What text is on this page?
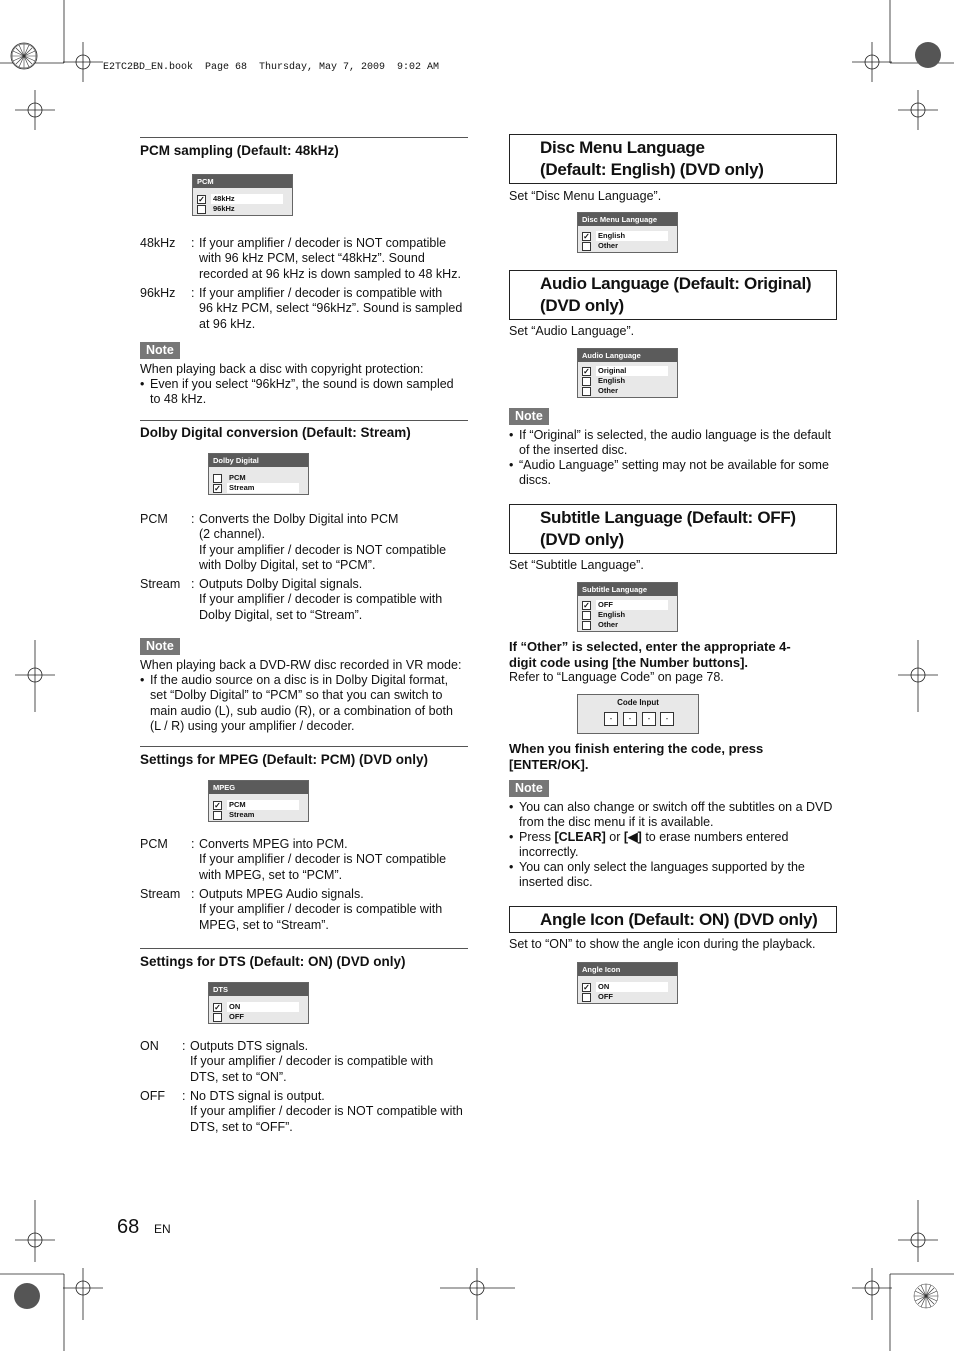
E2TC2BD_EN.book  Page 68  Thursday, May 7, 2009  9:02 AM
PCM sampling (Default: 48kHz)
PCM
✓ 48kHz
96kHz
48kHz : If your amplifier / decoder is NOT compatible
with 96 kHz PCM, select “48kHz”. Sound
recorded at 96 kHz is down sampled to 48 kHz.
96kHz : If your amplifier / decoder is compatible with
96 kHz PCM, select “96kHz”. Sound is sampled
at 96 kHz.
Note
When playing back a disc with copyright protection:
• Even if you select “96kHz”, the sound is down sampled
to 48 kHz.
Dolby Digital conversion (Default: Stream)
Dolby Digital
PCM
✓ Stream
PCM : Converts the Dolby Digital into PCM
(2 channel).
If your amplifier / decoder is NOT compatible
with Dolby Digital, set to “PCM”.
Stream : Outputs Dolby Digital signals.
If your amplifier / decoder is compatible with
Dolby Digital, set to “Stream”.
Note
When playing back a DVD-RW disc recorded in VR mode:
• If the audio source on a disc is in Dolby Digital format,
set “Dolby Digital” to “PCM” so that you can switch to
main audio (L), sub audio (R), or a combination of both
(L / R) using your amplifier / decoder.
Settings for MPEG (Default: PCM) (DVD only)
MPEG
✓ PCM
Stream
PCM : Converts MPEG into PCM.
If your amplifier / decoder is NOT compatible
with MPEG, set to “PCM”.
Stream : Outputs MPEG Audio signals.
If your amplifier / decoder is compatible with
MPEG, set to “Stream”.
Settings for DTS (Default: ON) (DVD only)
DTS
✓ ON
OFF
ON : Outputs DTS signals.
If your amplifier / decoder is compatible with
DTS, set to “ON”.
OFF : No DTS signal is output.
If your amplifier / decoder is NOT compatible with
DTS, set to “OFF”.
Disc Menu Language
(Default: English) (DVD only)
Set “Disc Menu Language”.
Disc Menu Language
✓ English
Other
Audio Language (Default: Original)
(DVD only)
Set “Audio Language”.
Audio Language
✓ Original
English
Other
Note
• If “Original” is selected, the audio language is the default
of the inserted disc.
• “Audio Language” setting may not be available for some
discs.
Subtitle Language (Default: OFF)
(DVD only)
Set “Subtitle Language”.
Subtitle Language
✓ OFF
English
Other
If “Other” is selected, enter the appropriate 4-
digit code using [the Number buttons].
Refer to “Language Code” on page 78.
Code Input
-	-	-	-
When you finish entering the code, press
[ENTER/OK].
Note
• You can also change or switch off the subtitles on a DVD
from the disc menu if it is available.
• Press [CLEAR] or [◀] to erase numbers entered
incorrectly.
• You can only select the languages supported by the
inserted disc.
Angle Icon (Default: ON) (DVD only)
Set to “ON” to show the angle icon during the playback.
Angle Icon
✓ ON
OFF
68 EN
